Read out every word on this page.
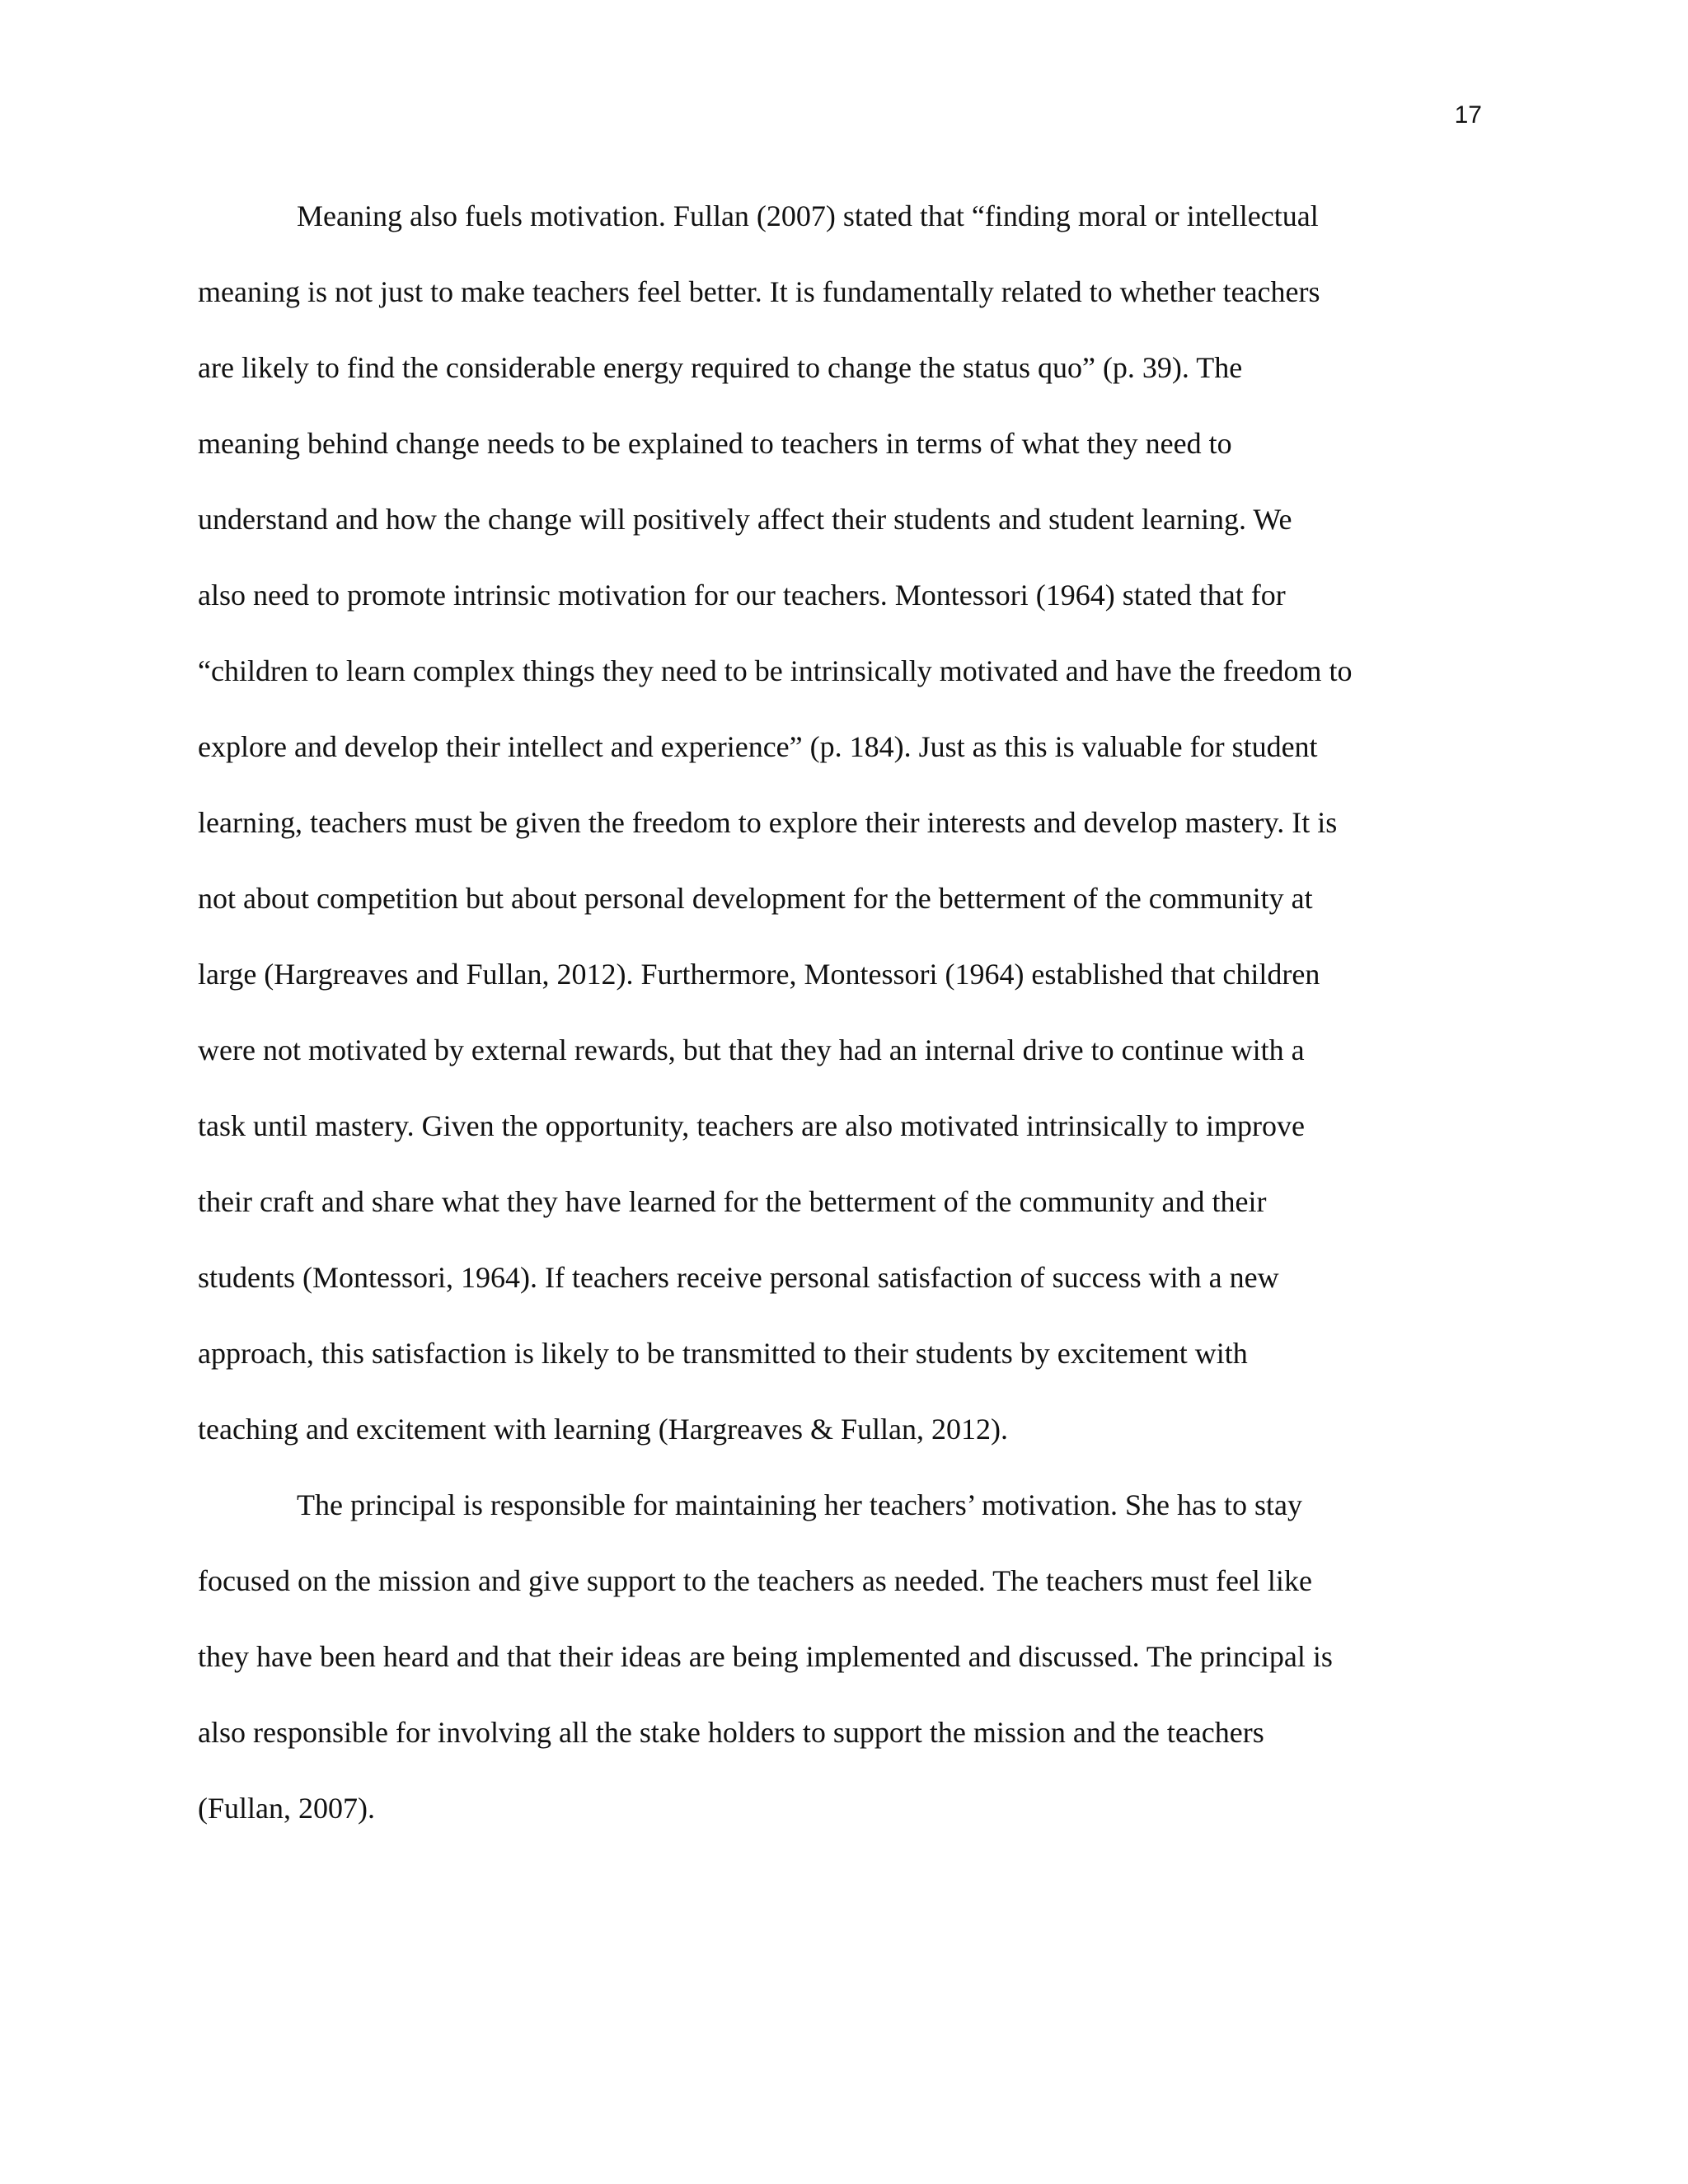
17
Meaning also fuels motivation. Fullan (2007) stated that “finding moral or intellectual
meaning is not just to make teachers feel better. It is fundamentally related to whether teachers
are likely to find the considerable energy required to change the status quo” (p. 39). The
meaning behind change needs to be explained to teachers in terms of what they need to
understand and how the change will positively affect their students and student learning. We
also need to promote intrinsic motivation for our teachers. Montessori (1964) stated that for
“children to learn complex things they need to be intrinsically motivated and have the freedom to
explore and develop their intellect and experience” (p. 184). Just as this is valuable for student
learning, teachers must be given the freedom to explore their interests and develop mastery. It is
not about competition but about personal development for the betterment of the community at
large (Hargreaves and Fullan, 2012). Furthermore, Montessori (1964) established that children
were not motivated by external rewards, but that they had an internal drive to continue with a
task until mastery. Given the opportunity, teachers are also motivated intrinsically to improve
their craft and share what they have learned for the betterment of the community and their
students (Montessori, 1964). If teachers receive personal satisfaction of success with a new
approach, this satisfaction is likely to be transmitted to their students by excitement with
teaching and excitement with learning (Hargreaves & Fullan, 2012).
The principal is responsible for maintaining her teachers’ motivation. She has to stay
focused on the mission and give support to the teachers as needed. The teachers must feel like
they have been heard and that their ideas are being implemented and discussed. The principal is
also responsible for involving all the stake holders to support the mission and the teachers
(Fullan, 2007).
